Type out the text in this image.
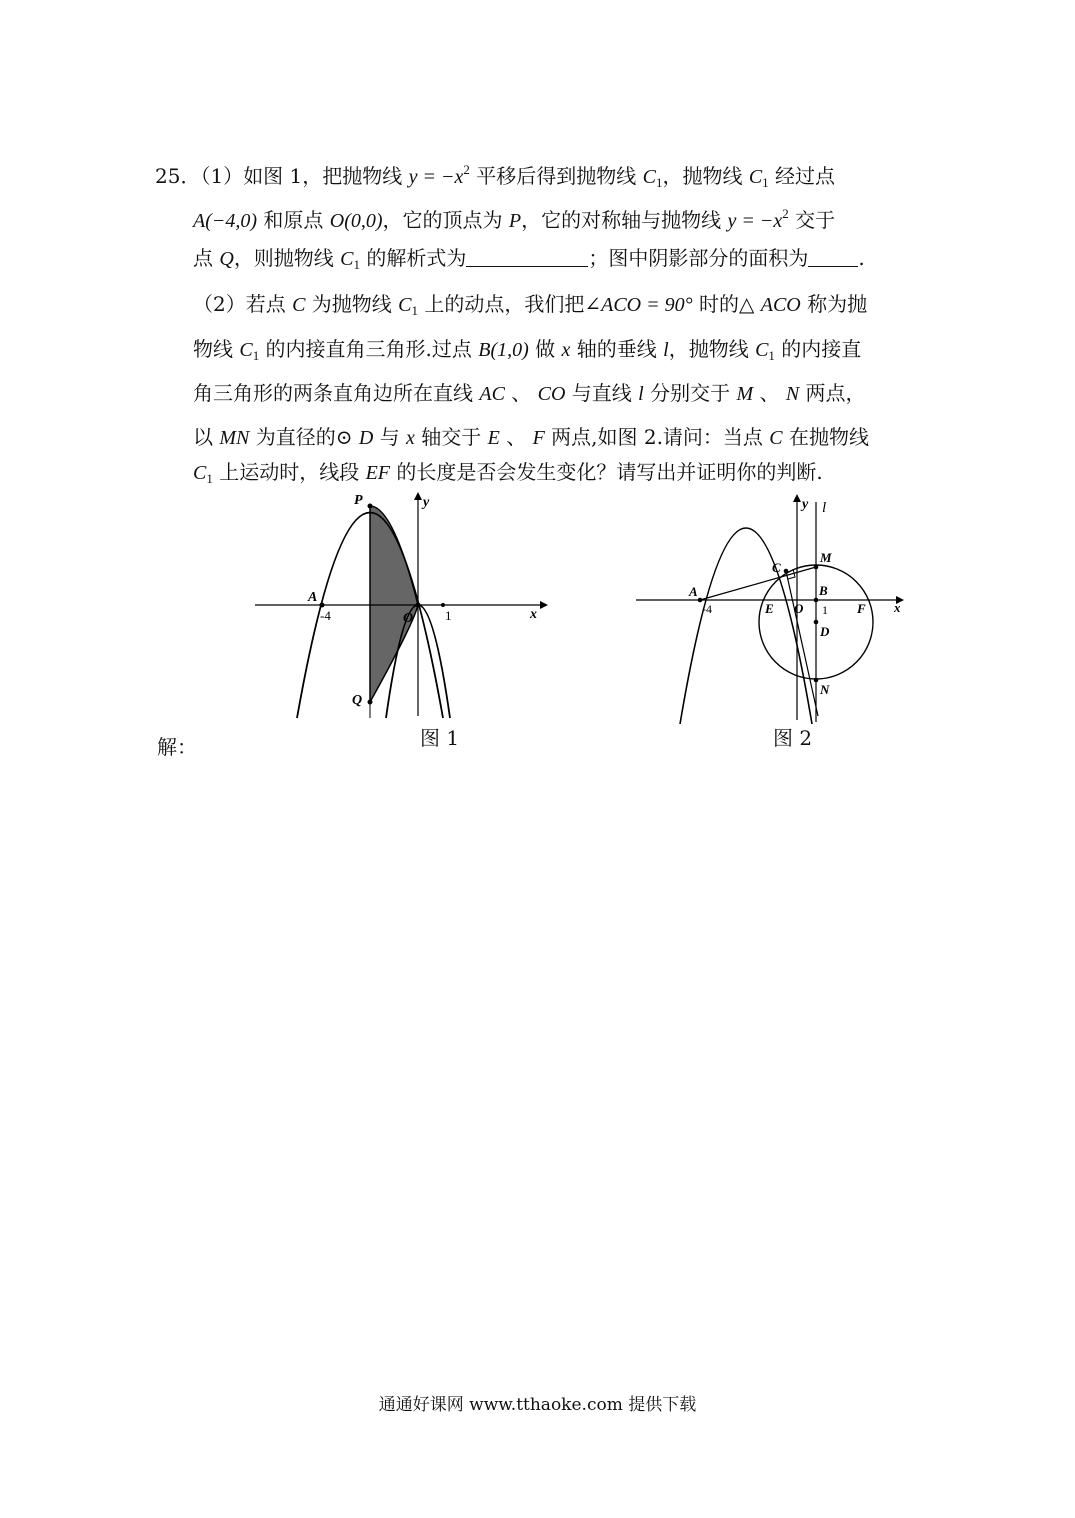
25．（1）如图 1，把抛物线 $y = -x^2$ 平移后得到抛物线 $C_1$，抛物线 $C_1$ 经过点
A(−4,0) 和原点 O(0,0)，它的顶点为 P，它的对称轴与抛物线 $y = -x^2$ 交于
点 Q，则抛物线 $C_1$ 的解析式为	；图中阴影部分的面积为	.
（2）若点 C 为抛物线 $C_1$ 上的动点，我们把∠ACO = 90° 时的△ ACO 称为抛
物线 $C_1$ 的内接直角三角形.过点 B(1,0) 做 x 轴的垂线 l，抛物线 $C_1$ 的内接直
角三角形的两条直角边所在直线 AC 、 CO 与直线 l 分别交于 M 、 N 两点，
以 MN 为直径的⊙ D 与 x 轴交于 E 、 F 两点,如图 2.请问：当点 C 在抛物线
$C_1$ 上运动时，线段 EF 的长度是否会发生变化？请写出并证明你的判断.
P	y
A
-4	O 1	x
Q
图 1
y l
M
C
B
A
-4	E O 1 F x
D
N
图 2
解：
通通好课网 www.tthaoke.com 提供下载
